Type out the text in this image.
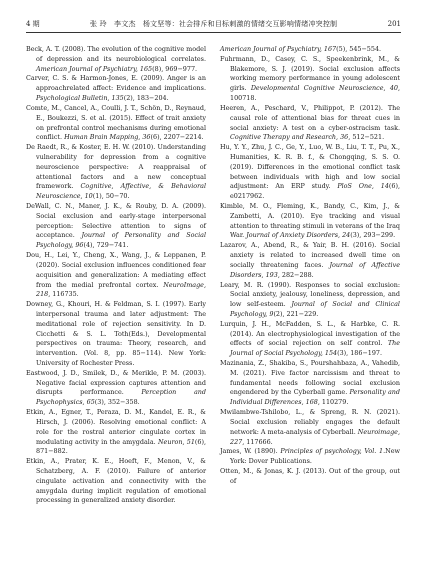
4 期	张 玲　李文杰　杨文坚等：社会排斥和目标刺激的情绪交互影响情绪冲突控制	201

Beck, A. T. (2008). The evolution of the cognitive model of depression and its neurobiological correlates. American Journal of Psychiatry, 165(8), 969−977.

Carver, C. S. & Harmon-Jones, E. (2009). Anger is an approachrelated affect: Evidence and implications. Psychological Bulletin, 135(2), 183−204.

Comte, M., Cancel, A., Coulli, J. T., Schön, D., Reynaud, E., Boukezzi, S. et al. (2015). Effect of trait anxiety on prefrontal control mechanisms during emotional conflict. Human Brain Mapping, 36(6), 2207−2214.

De Raedt, R., & Koster, E. H. W. (2010). Understanding vulnerability for depression from a cognitive neuroscience perspective: A reappraisal of attentional factors and a new conceptual framework. Cognitive, Affective, & Behavioral Neuroscience, 10(1), 50−70.

DeWall, C. N., Maner, J. K., & Rouby, D. A. (2009). Social exclusion and early-stage interpersonal perception: Selective attention to signs of acceptance. Journal of Personality and Social Psychology, 96(4), 729−741.

Dou, H., Lei, Y., Cheng, X., Wang, J., & Leppanen, P. (2020). Social exclusion influences conditioned fear acquisition and generalization: A mediating effect from the medial prefrontal cortex. NeuroImage, 218, 116735.

Downey, G., Khouri, H. & Feldman, S. I. (1997). Early interpersonal trauma and later adjustment: The meditational role of rejection sensitivity. In D. Cicchetti & S. L. Toth(Eds.), Developmental perspectives on trauma: Theory, research, and intervention. (Vol. 8, pp. 85−114). New York: University of Rochester Press.

Eastwood, J. D., Smilek, D., & Merikle, P. M. (2003). Negative facial expression captures attention and disrupts performance. Perception and Psychophysics, 65(3), 352−358.

Etkin, A., Egner, T., Peraza, D. M., Kandel, E. R., & Hirsch, J. (2006). Resolving emotional conflict: A role for the rostral anterior cingulate cortex in modulating activity in the amygdala. Neuron, 51(6), 871−882.

Etkin, A., Prater, K. E., Hoeft, F., Menon, V., & Schatzberg, A. F. (2010). Failure of anterior cingulate activation and connectivity with the amygdala during implicit regulation of emotional processing in generalized anxiety disorder.

American Journal of Psychiatry, 167(5), 545−554.

Fuhrmann, D., Casey, C. S., Speekenbrink, M., & Blakemore, S. J. (2019). Social exclusion affects working memory performance in young adolescent girls. Developmental Cognitive Neuroscience, 40, 100718.

Heeren, A., Peschard, V., Philippot, P. (2012). The causal role of attentional bias for threat cues in social anxiety: A test on a cyber-ostracism task. Cognitive Therapy and Research, 36, 512−521.

Hu, Y. Y., Zhu, J. C., Ge, Y., Luo, W. B., Liu, T. T., Pu, X., Humanities, K. R. B. f., & Chongqing, S. S. O. (2019). Differences in the emotional conflict task between individuals with high and low social adjustment: An ERP study. PloS One, 14(6), e0217962.

Kimble, M. O., Fleming, K., Bandy, C., Kim, J., & Zambetti, A. (2010). Eye tracking and visual attention to threating stimuli in veterans of the Iraq War. Journal of Anxiety Disorders, 24(3), 293−299.

Lazarov, A., Abend, R., & Yair, B. H. (2016). Social anxiety is related to increased dwell time on socially threatening faces. Journal of Affective Disorders, 193, 282−288.

Leary, M. R. (1990). Responses to social exclusion: Social anxiety, jealousy, loneliness, depression, and low self-esteem. Journal of Social and Clinical Psychology, 9(2), 221−229.

Lurquin, J. H., McFadden, S. L., & Harbke, C. R. (2014). An electrophysiological investigation of the effects of social rejection on self control. The Journal of Social Psychology, 154(3), 186−197.

Mazinania, Z., Shakiba, S., Pourshahbaza, A., Vahedib, M. (2021). Five factor narcissism and threat to fundamental needs following social exclusion engendered by the Cyberball game. Personality and Individual Differences, 168, 110279.

Mwilambwe-Tshilobo, L., & Spreng, R. N. (2021). Social exclusion reliably engages the default network: A meta-analysis of Cyberball. Neuroimage, 227, 117666.

James, W. (1890). Principles of psychology, Vol. 1.New York: Dover Publications.

Otten, M., & Jonas, K. J. (2013). Out of the group, out of
